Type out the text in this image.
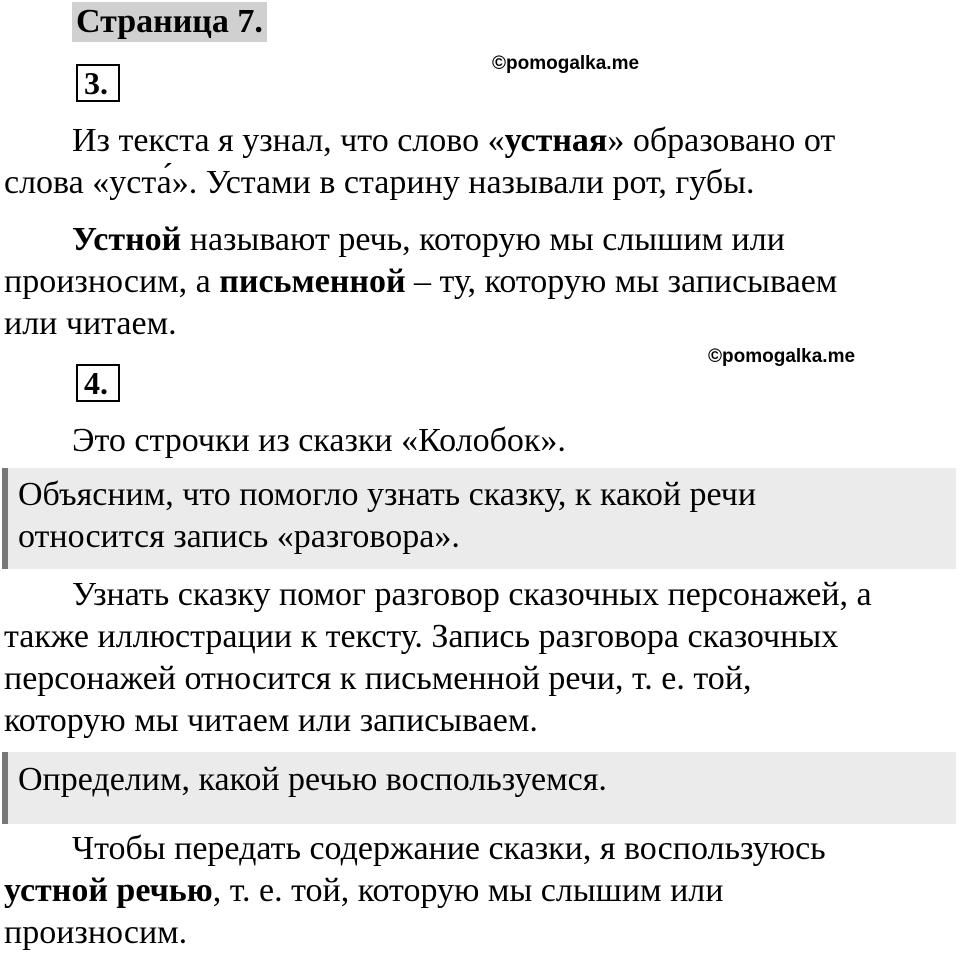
Страница 7.
©pomogalka.me
3.

Из текста я узнал, что слово «устная» образовано от

слова «уста́». Устами в старину называли рот, губы.

Устной называют речь, которую мы слышим или

произносим, а письменной – ту, которую мы записываем

или читаем.

©pomogalka.me
4.

Это строчки из сказки «Колобок».

Объясним, что помогло узнать сказку, к какой речи

относится запись «разговора».

Узнать сказку помог разговор сказочных персонажей, а

также иллюстрации к тексту. Запись разговора сказочных

персонажей относится к письменной речи, т. е. той,

которую мы читаем или записываем.

Определим, какой речью воспользуемся.

Чтобы передать содержание сказки, я воспользуюсь

устной речью, т. е. той, которую мы слышим или

произносим.
